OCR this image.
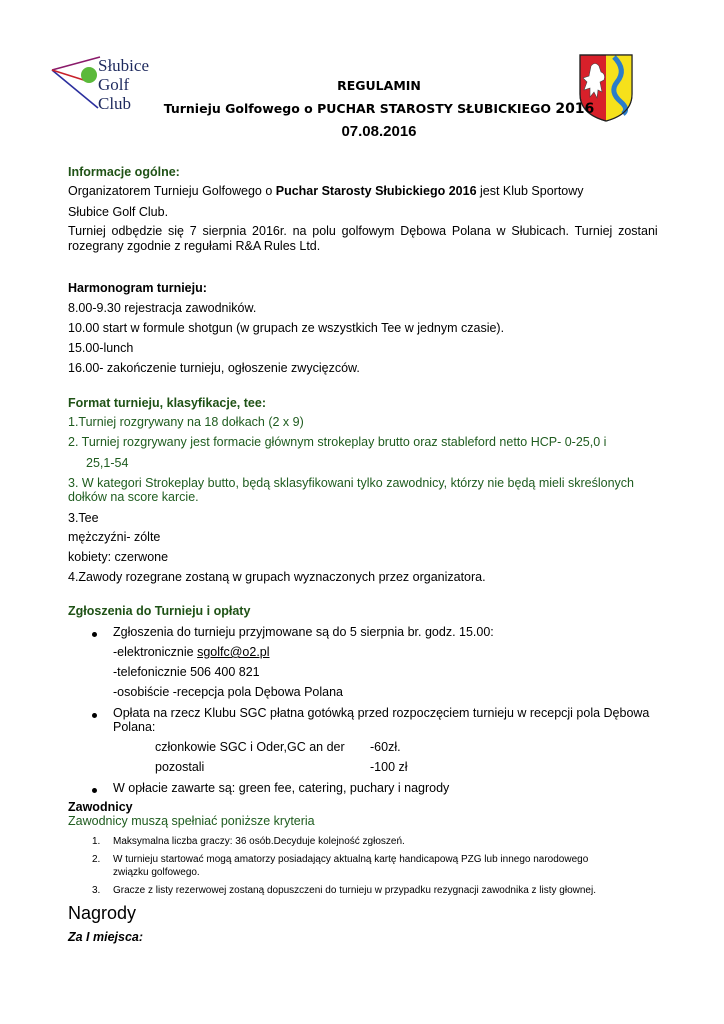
Słubice
Golf
Club
REGULAMIN
Turnieju Golfowego o PUCHAR STAROSTY SŁUBICKIEGO 2016
07.08.2016
Informacje ogólne:
Organizatorem Turnieju Golfowego o Puchar Starosty Słubickiego 2016 jest Klub Sportowy
Słubice Golf Club.
Turniej odbędzie się 7 sierpnia 2016r. na polu golfowym Dębowa Polana w Słubicach. Turniej zostani
rozegrany zgodnie z regułami R&A Rules Ltd.
Harmonogram turnieju:
8.00-9.30 rejestracja zawodników.
10.00 start w formule shotgun (w grupach ze wszystkich Tee w jednym czasie).
15.00-lunch
16.00- zakończenie turnieju, ogłoszenie zwycięzców.
Format turnieju, klasyfikacje, tee:
1.Turniej rozgrywany na 18 dołkach (2 x 9)
2. Turniej rozgrywany jest formacie głównym strokeplay brutto oraz stableford netto HCP- 0-25,0 i
25,1-54
3. W kategori Strokeplay butto, będą sklasyfikowani tylko zawodnicy, którzy nie będą mieli skreślonych
dołków na score karcie.
3.Tee
mężczyźni- zólte
kobiety: czerwone
4.Zawody rozegrane zostaną w grupach wyznaczonych przez organizatora.
Zgłoszenia do Turnieju i opłaty
Zgłoszenia do turnieju przyjmowane są do 5 sierpnia br. godz. 15.00:
-elektronicznie sgolfc@o2.pl
-telefonicznie 506 400 821
-osobiście -recepcja pola Dębowa Polana
Opłata na rzecz Klubu SGC płatna gotówką przed rozpoczęciem turnieju w recepcji pola Dębowa
Polana:
członkowie SGC i Oder,GC an der -60zł.
pozostali	-100 zł
W opłacie zawarte są: green fee, catering, puchary i nagrody
Zawodnicy
Zawodnicy muszą spełniać poniższe kryteria
1. Maksymalna liczba graczy: 36 osób.Decyduje kolejność zgłoszeń.
2. W turnieju startować mogą amatorzy posiadający aktualną kartę handicapową PZG lub innego narodowego
związku golfowego.
3. Gracze z listy rezerwowej zostaną dopuszczeni do turnieju w przypadku rezygnacji zawodnika z listy głownej.
Nagrody
Za I miejsca:
